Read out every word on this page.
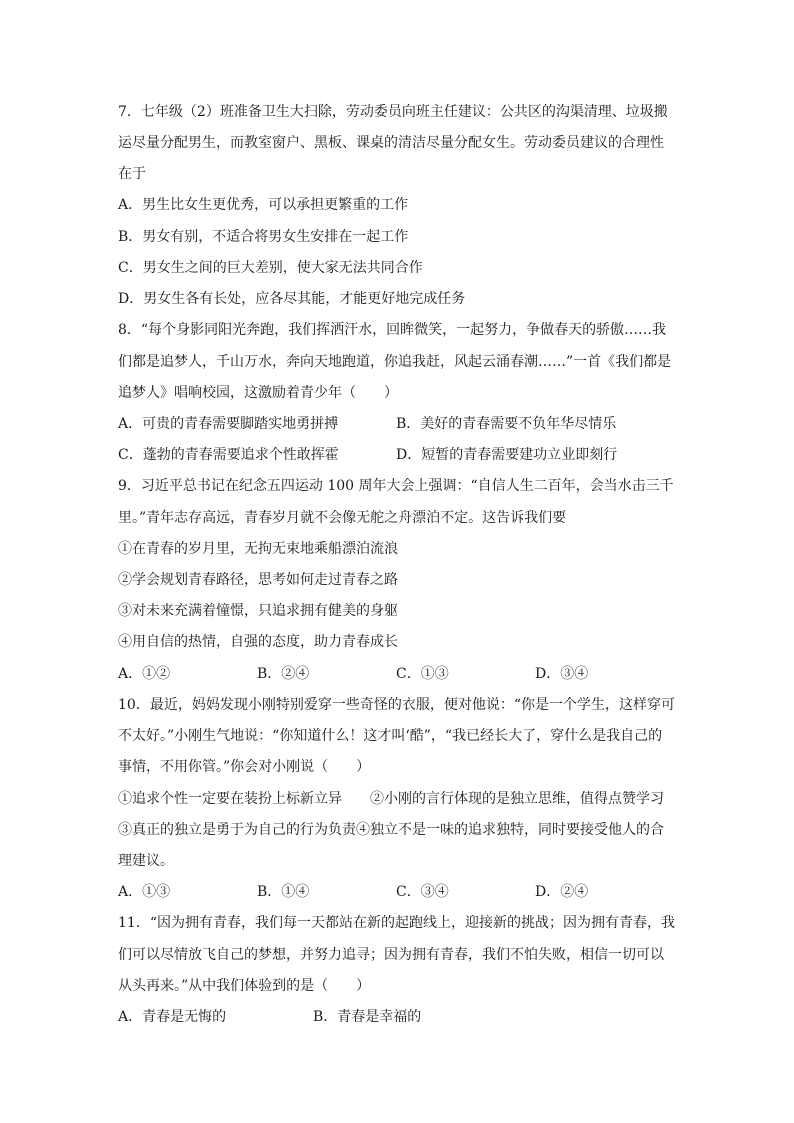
7．七年级（2）班准备卫生大扫除，劳动委员向班主任建议：公共区的沟渠清理、垃圾搬
运尽量分配男生，而教室窗户、黑板、课桌的清洁尽量分配女生。劳动委员建议的合理性
在于
A．男生比女生更优秀，可以承担更繁重的工作
B．男女有别，不适合将男女生安排在一起工作
C．男女生之间的巨大差别，使大家无法共同合作
D．男女生各有长处，应各尽其能，才能更好地完成任务
8．“每个身影同阳光奔跑，我们挥洒汗水，回眸微笑，一起努力，争做春天的骄傲……我
们都是追梦人，千山万水，奔向天地跑道，你追我赶，风起云涌春潮……”一首《我们都是
追梦人》唱响校园，这激励着青少年（　　）
A．可贵的青春需要脚踏实地勇拼搏	B．美好的青春需要不负年华尽情乐
C．蓬勃的青春需要追求个性敢挥霍	D．短暂的青春需要建功立业即刻行
9．习近平总书记在纪念五四运动 100 周年大会上强调：“自信人生二百年，会当水击三千
里。”青年志存高远，青春岁月就不会像无舵之舟漂泊不定。这告诉我们要
①在青春的岁月里，无拘无束地乘船漂泊流浪
②学会规划青春路径，思考如何走过青春之路
③对未来充满着憧憬，只追求拥有健美的身躯
④用自信的热情，自强的态度，助力青春成长
A．①②	B．②④	C．①③	D．③④
10．最近，妈妈发现小刚特别爱穿一些奇怪的衣服，便对他说：“你是一个学生，这样穿可
不太好。”小刚生气地说：“你知道什么！这才叫‘酷”，“我已经长大了，穿什么是我自己的
事情，不用你管。”你会对小刚说（　　）
①追求个性一定要在装扮上标新立异　　②小刚的言行体现的是独立思维，值得点赞学习
③真正的独立是勇于为自己的行为负责④独立不是一味的追求独特，同时要接受他人的合
理建议。
A．①③	B．①④	C．③④	D．②④
11．“因为拥有青春，我们每一天都站在新的起跑线上，迎接新的挑战；因为拥有青春，我
们可以尽情放飞自己的梦想，并努力追寻；因为拥有青春，我们不怕失败，相信一切可以
从头再来。”从中我们体验到的是（　　）
A．青春是无悔的	B．青春是幸福的
